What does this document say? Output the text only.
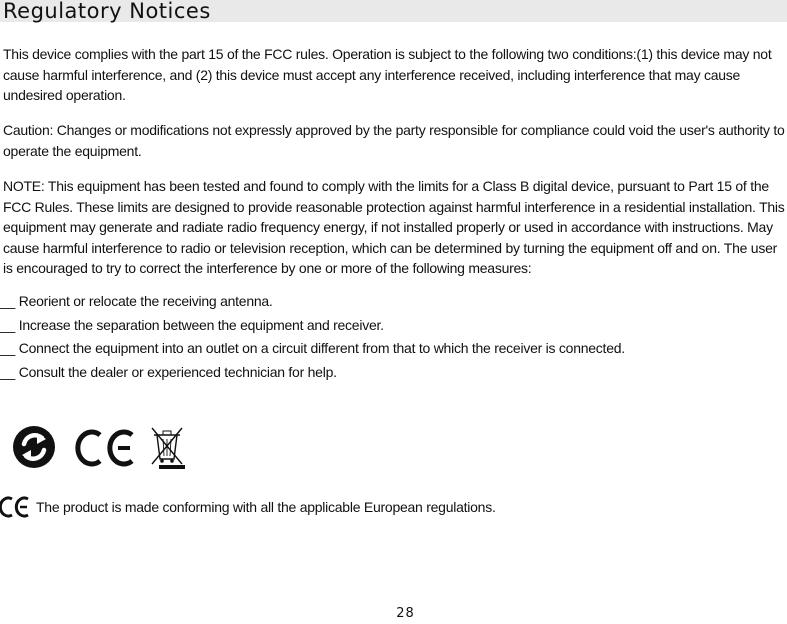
Regulatory Notices

This device complies with the part 15 of the FCC rules. Operation is subject to the following two conditions:(1) this device may not cause harmful interference, and (2) this device must accept any interference received, including interference that may cause undesired operation.

Caution: Changes or modifications not expressly approved by the party responsible for compliance could void the user's authority to operate the equipment.

NOTE: This equipment has been tested and found to comply with the limits for a Class B digital device, pursuant to Part 15 of the FCC Rules. These limits are designed to provide reasonable protection against harmful interference in a residential installation. This equipment may generate and radiate radio frequency energy, if not installed properly or used in accordance with instructions. May cause harmful interference to radio or television reception, which can be determined by turning the equipment off and on. The user is encouraged to try to correct the interference by one or more of the following measures:

__ Reorient or relocate the receiving antenna.
__ Increase the separation between the equipment and receiver.
__ Connect the equipment into an outlet on a circuit different from that to which the receiver is connected.
__ Consult the dealer or experienced technician for help.
The product is made conforming with all the applicable European regulations.
28
